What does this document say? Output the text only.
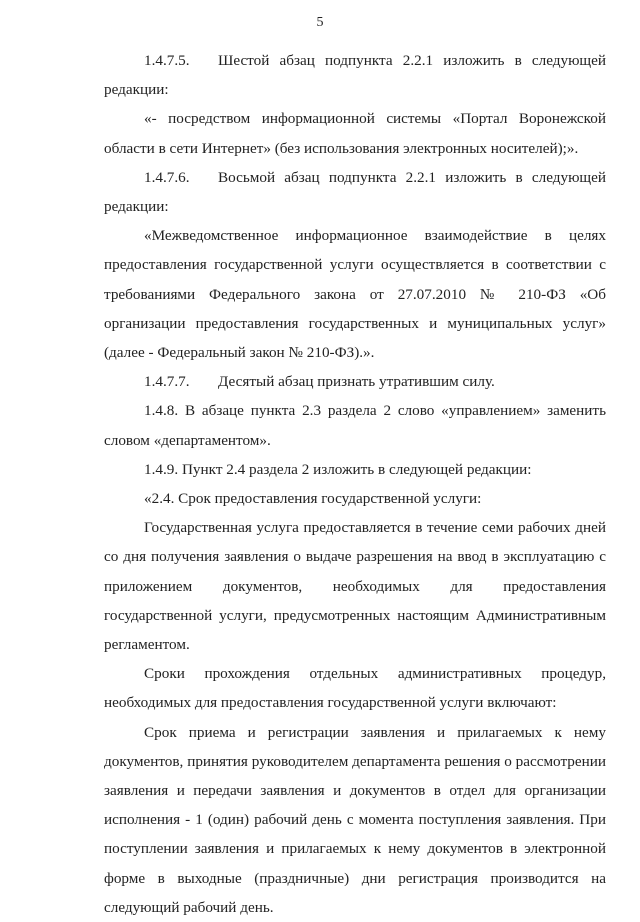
5

1.4.7.5. Шестой абзац подпункта 2.2.1 изложить в следующей редакции:

«- посредством информационной системы «Портал Воронежской области в сети Интернет» (без использования электронных носителей);».

1.4.7.6. Восьмой абзац подпункта 2.2.1 изложить в следующей редакции:

«Межведомственное информационное взаимодействие в целях предоставления государственной услуги осуществляется в соответствии с требованиями Федерального закона от 27.07.2010 № 210-ФЗ «Об организации предоставления государственных и муниципальных услуг» (далее - Федеральный закон № 210-ФЗ).».

1.4.7.7. Десятый абзац признать утратившим силу.

1.4.8. В абзаце пункта 2.3 раздела 2 слово «управлением» заменить словом «департаментом».

1.4.9. Пункт 2.4 раздела 2 изложить в следующей редакции:

«2.4. Срок предоставления государственной услуги:

Государственная услуга предоставляется в течение семи рабочих дней со дня получения заявления о выдаче разрешения на ввод в эксплуатацию с приложением документов, необходимых для предоставления государственной услуги, предусмотренных настоящим Административным регламентом.

Сроки прохождения отдельных административных процедур, необходимых для предоставления государственной услуги включают:

Срок приема и регистрации заявления и прилагаемых к нему документов, принятия руководителем департамента решения о рассмотрении заявления и передачи заявления и документов в отдел для организации исполнения - 1 (один) рабочий день с момента поступления заявления. При поступлении заявления и прилагаемых к нему документов в электронной форме в выходные (праздничные) дни регистрация производится на следующий рабочий день.
